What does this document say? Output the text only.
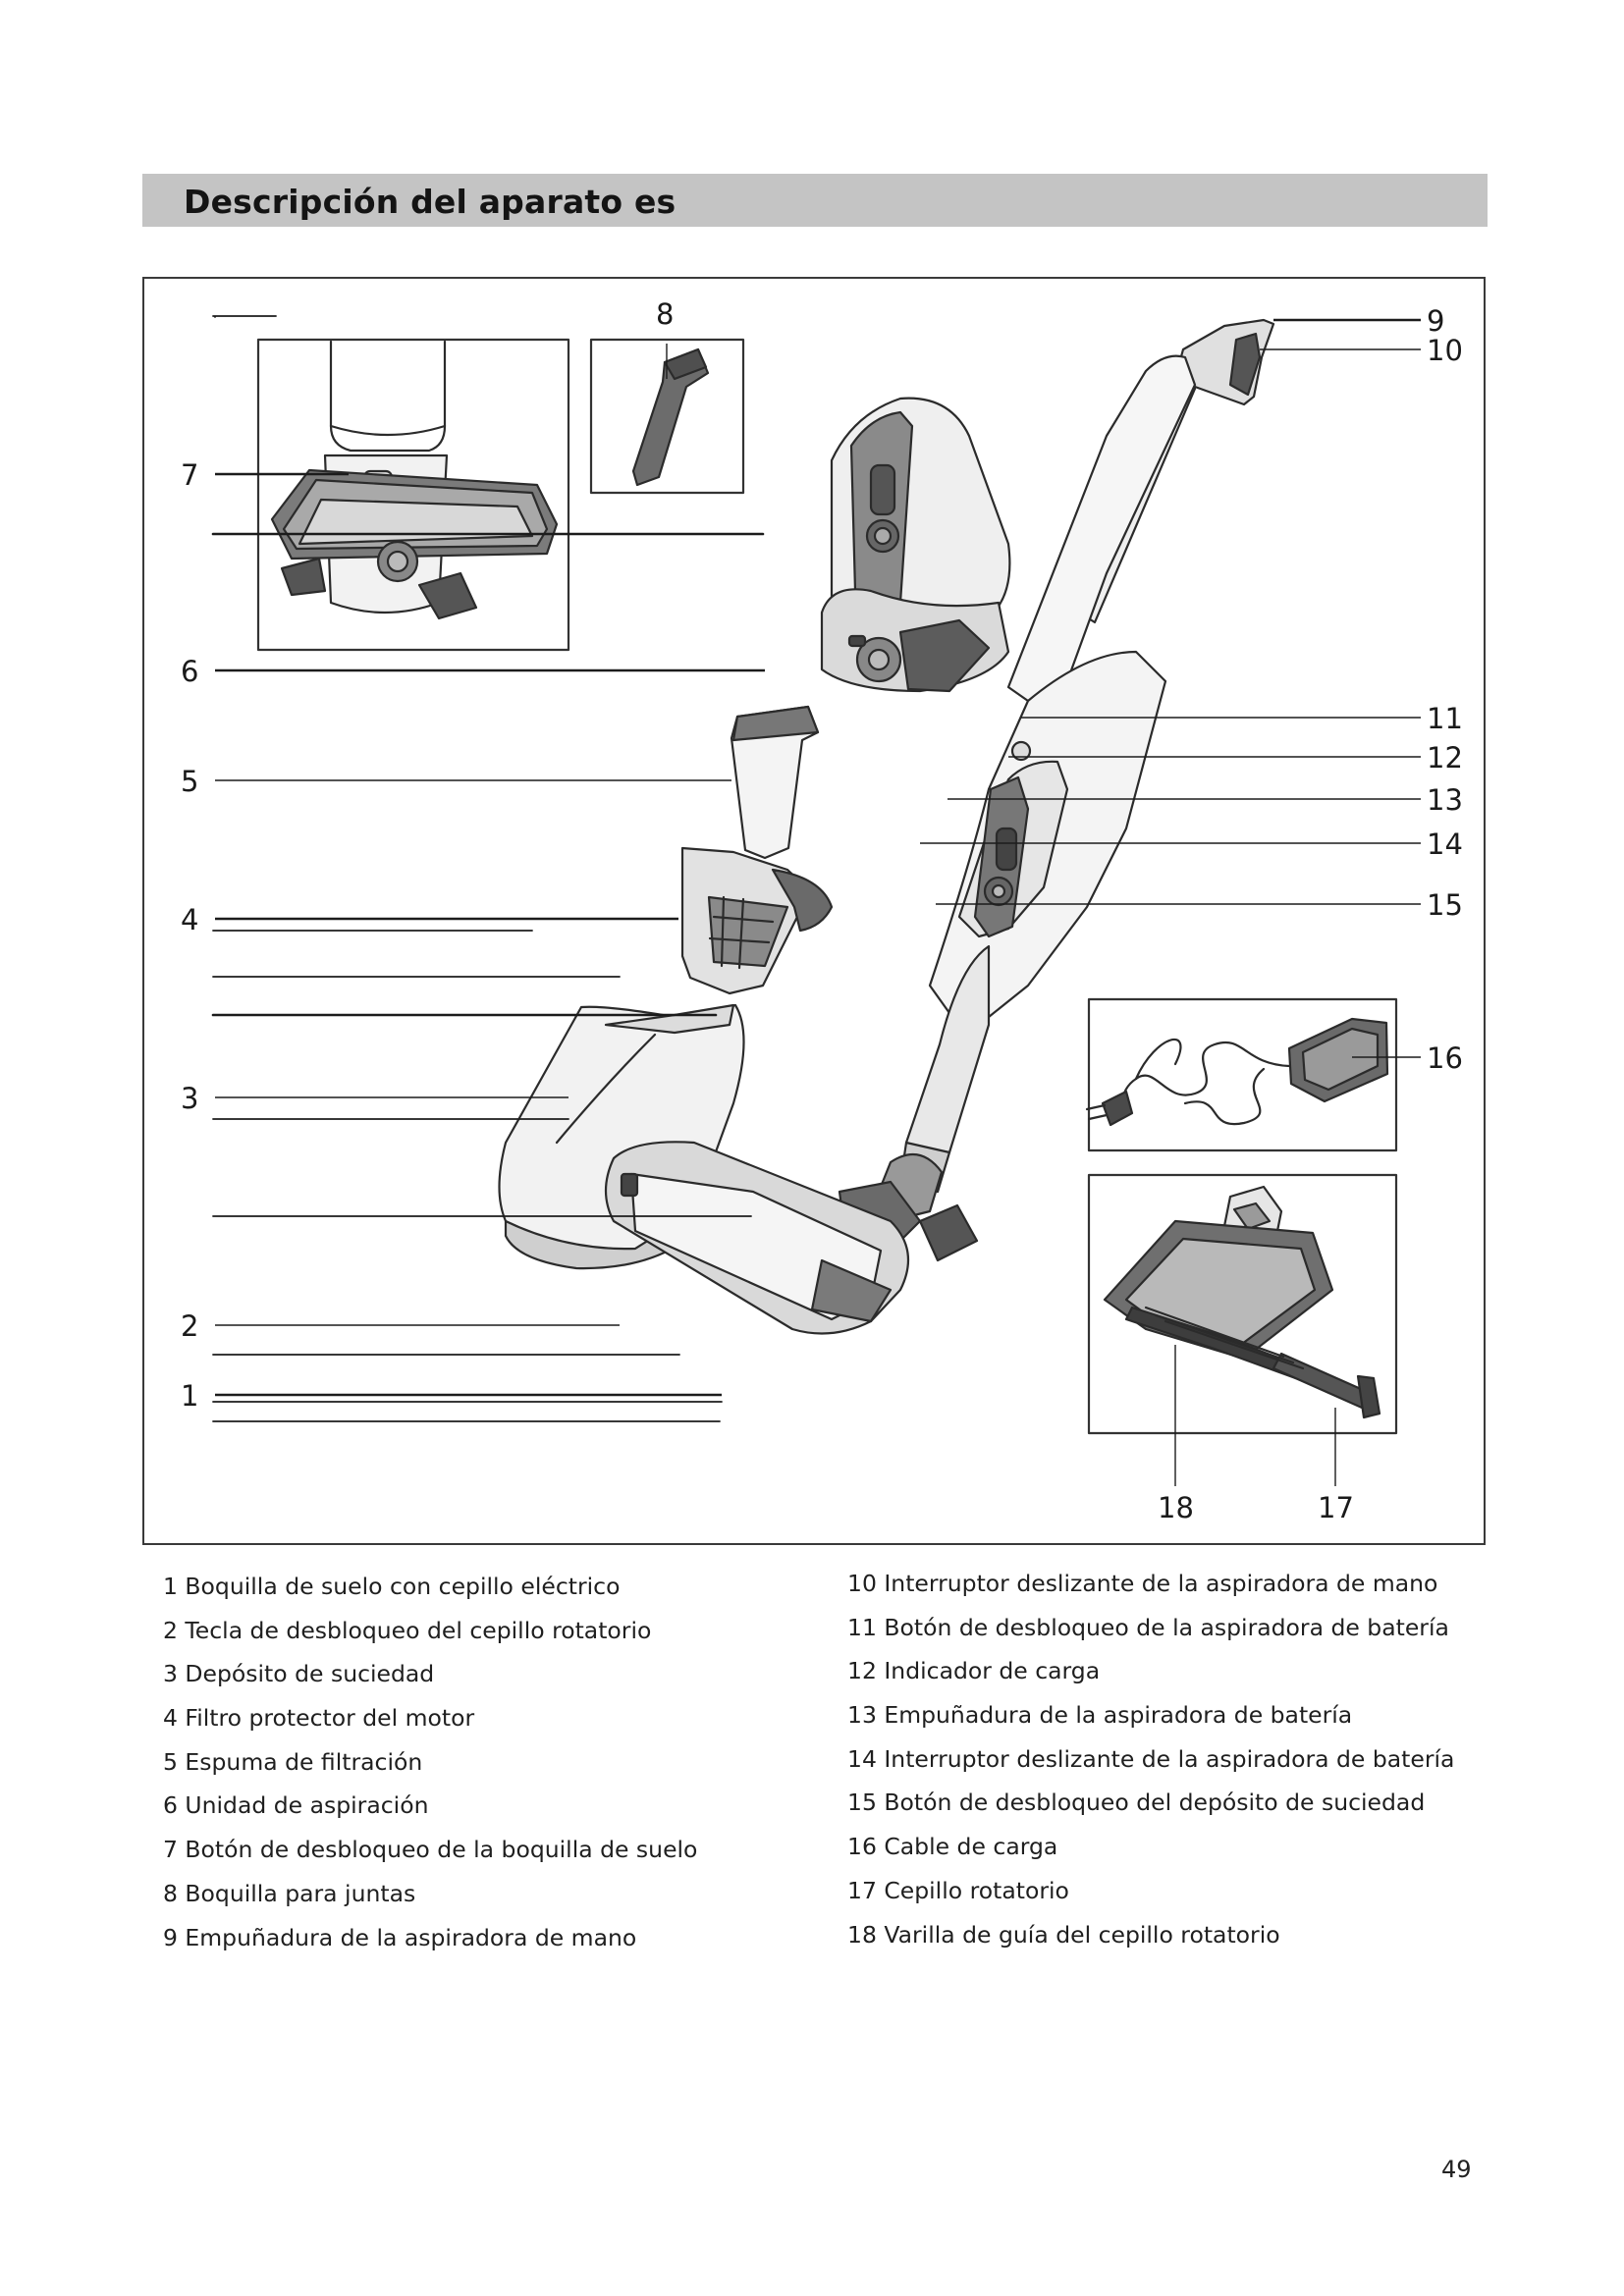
Descripción del aparato es
7
6
5
4
3
2
1
8	9
10
11
12
13
14
15
16
18	17
1 Boquilla de suelo con cepillo eléctrico
2 Tecla de desbloqueo del cepillo rotatorio
3 Depósito de suciedad
4 Filtro protector del motor
5 Espuma de filtración
6 Unidad de aspiración
7 Botón de desbloqueo de la boquilla de suelo
8 Boquilla para juntas
9 Empuñadura de la aspiradora de mano
10 Interruptor deslizante de la aspiradora de mano
11 Botón de desbloqueo de la aspiradora de batería
12 Indicador de carga
13 Empuñadura de la aspiradora de batería
14 Interruptor deslizante de la aspiradora de batería
15 Botón de desbloqueo del depósito de suciedad
16 Cable de carga
17 Cepillo rotatorio
18 Varilla de guía del cepillo rotatorio
49
